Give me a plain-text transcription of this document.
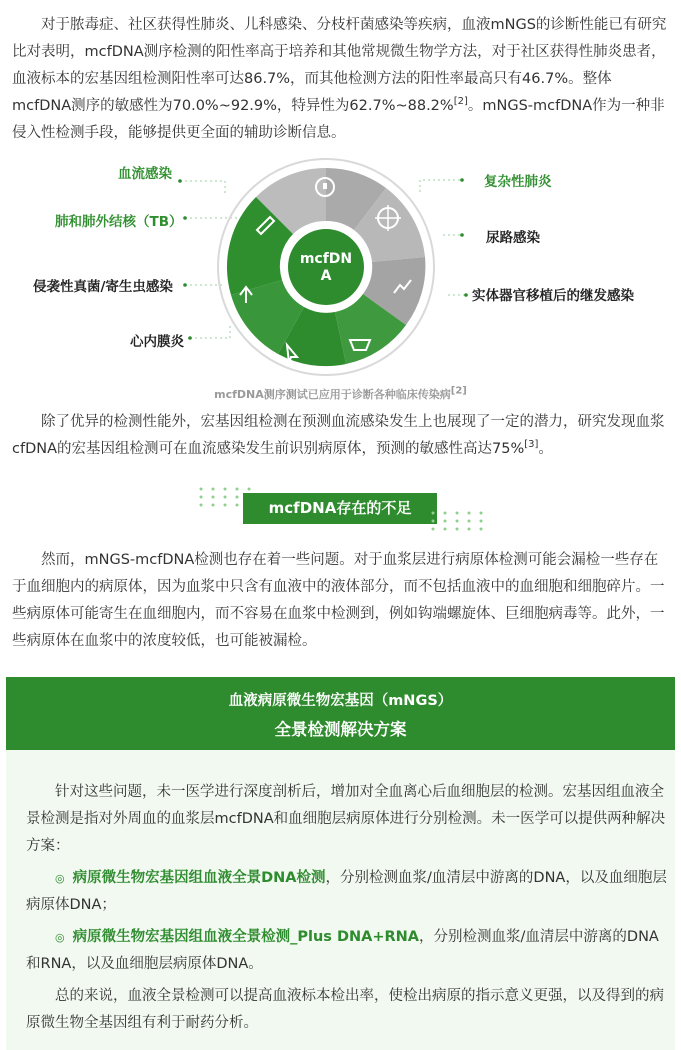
对于脓毒症、社区获得性肺炎、儿科感染、分枝杆菌感染等疾病，血液mNGS的诊断性能已有研究比对表明，mcfDNA测序检测的阳性率高于培养和其他常规微生物学方法，对于社区获得性肺炎患者，血液标本的宏基因组检测阳性率可达86.7%，而其他检测方法的阳性率最高只有46.7%。整体mcfDNA测序的敏感性为70.0%~92.9%，特异性为62.7%~88.2%[2]。mNGS-mcfDNA作为一种非侵入性检测手段，能够提供更全面的辅助诊断信息。

mcfDN
A
血流感染
肺和肺外结核（TB）
侵袭性真菌/寄生虫感染
心内膜炎
复杂性肺炎
尿路感染
实体器官移植后的继发感染
mcfDNA测序测试已应用于诊断各种临床传染病[2]

除了优异的检测性能外，宏基因组检测在预测血流感染发生上也展现了一定的潜力，研究发现血浆cfDNA的宏基因组检测可在血流感染发生前识别病原体，预测的敏感性高达75%[3]。

mcfDNA存在的不足

然而，mNGS-mcfDNA检测也存在着一些问题。对于血浆层进行病原体检测可能会漏检一些存在于血细胞内的病原体，因为血浆中只含有血液中的液体部分，而不包括血液中的血细胞和细胞碎片。一些病原体可能寄生在血细胞内，而不容易在血浆中检测到，例如钩端螺旋体、巨细胞病毒等。此外，一些病原体在血浆中的浓度较低，也可能被漏检。

血液病原微生物宏基因（mNGS）
全景检测解决方案

针对这些问题，未一医学进行深度剖析后，增加对全血离心后血细胞层的检测。宏基因组血液全景检测是指对外周血的血浆层mcfDNA和血细胞层病原体进行分别检测。未一医学可以提供两种解决方案：

◎ 病原微生物宏基因组血液全景DNA检测，分别检测血浆/血清层中游离的DNA，以及血细胞层病原体DNA；

◎ 病原微生物宏基因组血液全景检测_Plus DNA+RNA，分别检测血浆/血清层中游离的DNA和RNA，以及血细胞层病原体DNA。

总的来说，血液全景检测可以提高血液标本检出率，使检出病原的指示意义更强，以及得到的病原微生物全基因组有利于耐药分析。
